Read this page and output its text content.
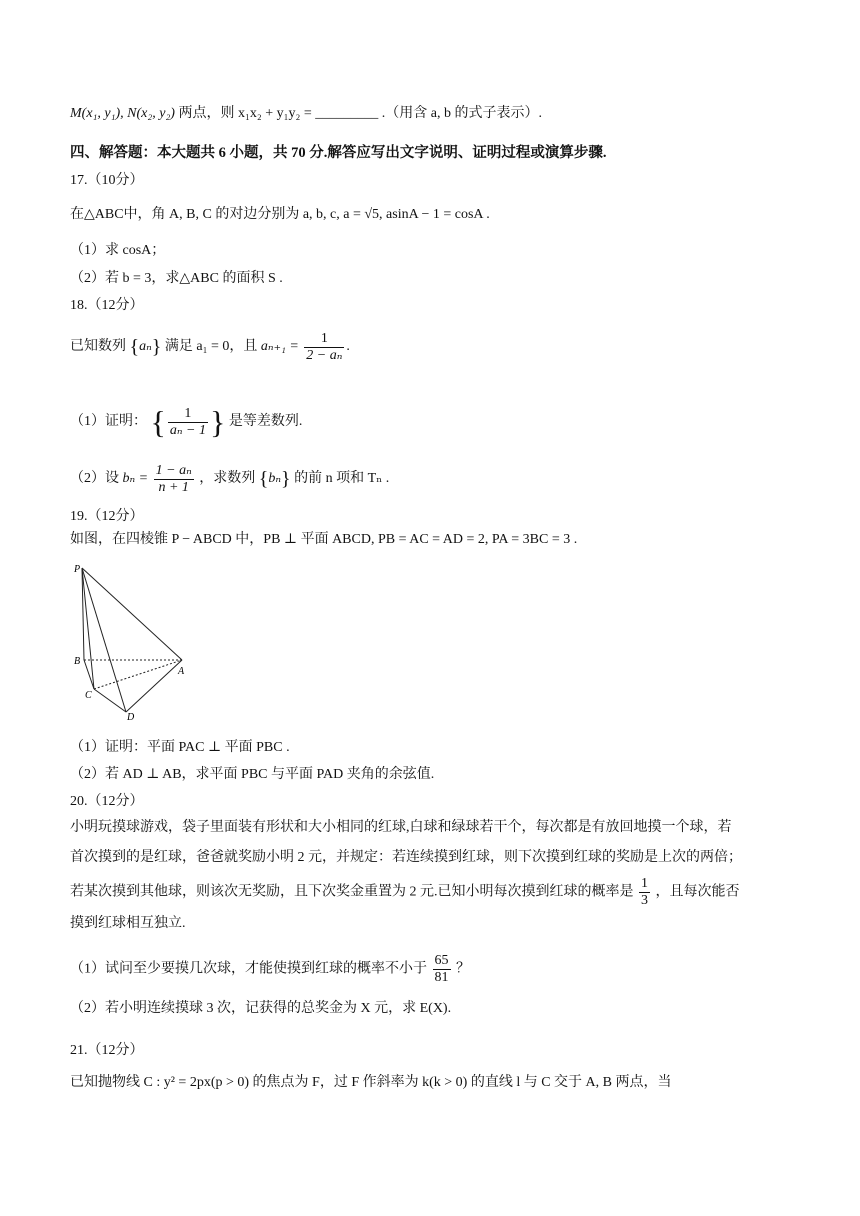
M(x₁, y₁), N(x₂, y₂) 两点，则 x₁x₂ + y₁y₂ = _________ .（用含 a, b 的式子表示）.
四、解答题：本大题共 6 小题，共 70 分.解答应写出文字说明、证明过程或演算步骤.
17.（10分）
在△ABC中，角 A, B, C 的对边分别为 a, b, c, a = √5, asinA − 1 = cosA .
（1）求 cosA；
（2）若 b = 3，求△ABC 的面积 S .
18.（12分）
已知数列 {aₙ} 满足 a₁ = 0，且 $a_{n+1} = \frac{1}{\text{2 − aₙ}}$ .
（1）证明： { $\frac{1}{\text{aₙ − 1}}$ } 是等差数列.
（2）设 $b_n = \frac{\text{1 − aₙ}}{n + 1}$ ，求数列 {bₙ} 的前 n 项和 Tₙ .
19.（12分）
如图，在四棱锥 P − ABCD 中，PB ⊥ 平面 ABCD, PB = AC = AD = 2, PA = 3BC = 3 .
P
B
C
D
A
（1）证明：平面 PAC ⊥ 平面 PBC .
（2）若 AD ⊥ AB，求平面 PBC 与平面 PAD 夹角的余弦值.
20.（12分）
小明玩摸球游戏，袋子里面装有形状和大小相同的红球,白球和绿球若干个，每次都是有放回地摸一个球，若
首次摸到的是红球，爸爸就奖励小明 2 元，并规定：若连续摸到红球，则下次摸到红球的奖励是上次的两倍；
若某次摸到其他球，则该次无奖励，且下次奖金重置为 2 元.已知小明每次摸到红球的概率是 $\frac{1}{3}$ ，且每次能否
摸到红球相互独立.
（1）试问至少要摸几次球，才能使摸到红球的概率不小于 $\frac{65}{81}$ ？
（2）若小明连续摸球 3 次，记获得的总奖金为 X 元，求 E(X).
21.（12分）
已知抛物线 C : y² = 2px(p > 0) 的焦点为 F，过 F 作斜率为 k(k > 0) 的直线 l 与 C 交于 A, B 两点，当
